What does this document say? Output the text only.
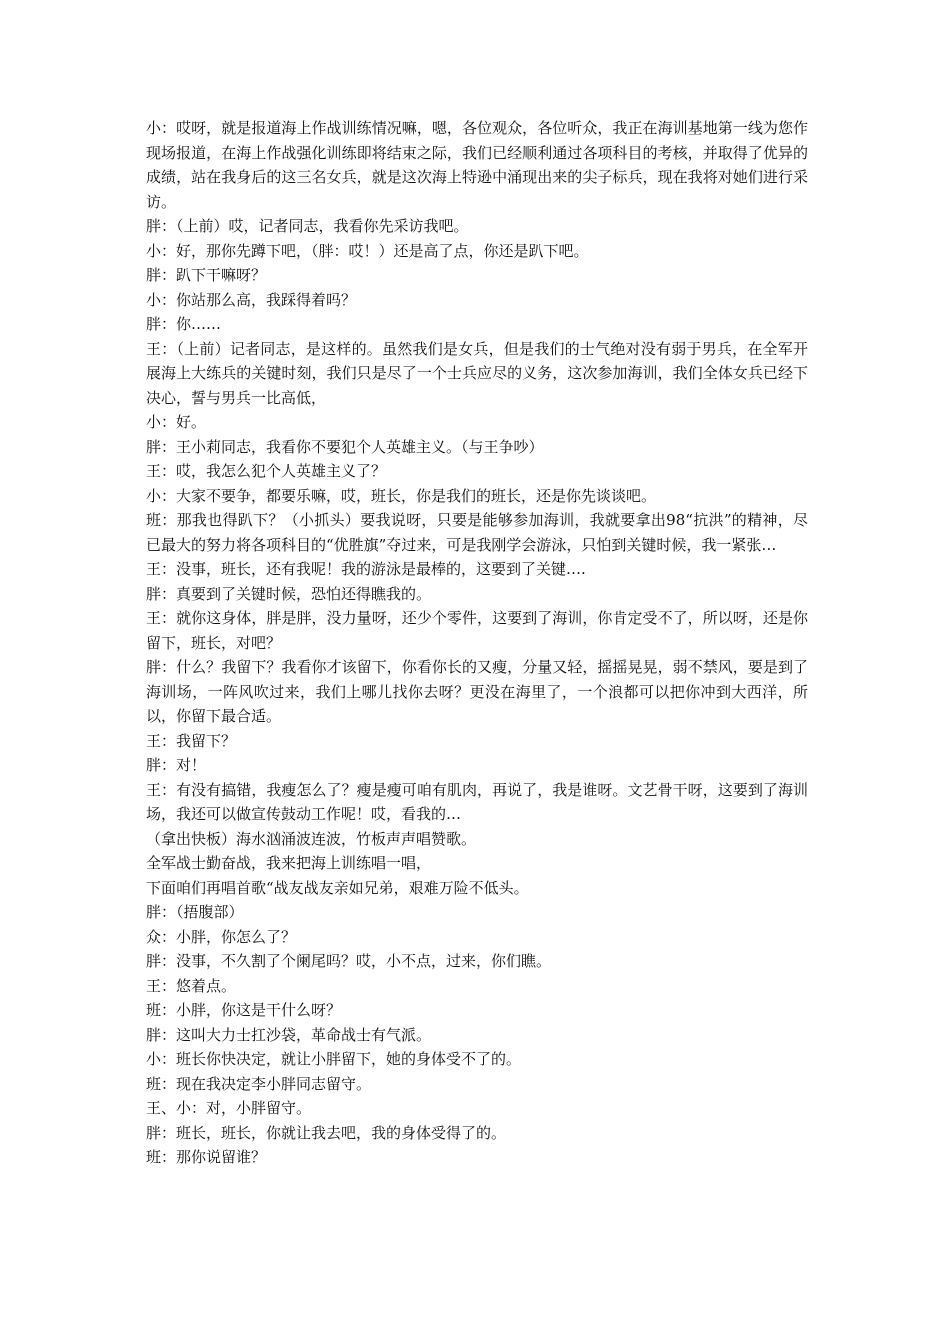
小：哎呀，就是报道海上作战训练情况嘛，嗯，各位观众，各位听众，我正在海训基地第一线为您作现场报道，在海上作战强化训练即将结束之际，我们已经顺利通过各项科目的考核，并取得了优异的成绩，站在我身后的这三名女兵，就是这次海上特逊中涌现出来的尖子标兵，现在我将对她们进行采访。

胖：（上前）哎，记者同志，我看你先采访我吧。

小：好，那你先蹲下吧，（胖：哎！）还是高了点，你还是趴下吧。

胖：趴下干嘛呀？

小：你站那么高，我踩得着吗？

胖：你……

王：（上前）记者同志，是这样的。虽然我们是女兵，但是我们的士气绝对没有弱于男兵，在全军开展海上大练兵的关键时刻，我们只是尽了一个士兵应尽的义务，这次参加海训，我们全体女兵已经下决心，誓与男兵一比高低，

小：好。

胖：王小莉同志，我看你不要犯个人英雄主义。（与王争吵）

王：哎，我怎么犯个人英雄主义了？

小：大家不要争，都要乐嘛，哎，班长，你是我们的班长，还是你先谈谈吧。

班：那我也得趴下？（小抓头）要我说呀，只要是能够参加海训，我就要拿出98“抗洪”的精神，尽已最大的努力将各项科目的“优胜旗”夺过来，可是我刚学会游泳，只怕到关键时候，我一紧张…

王：没事，班长，还有我呢！我的游泳是最棒的，这要到了关键….

胖：真要到了关键时候，恐怕还得瞧我的。

王：就你这身体，胖是胖，没力量呀，还少个零件，这要到了海训，你肯定受不了，所以呀，还是你留下，班长，对吧？

胖：什么？我留下？我看你才该留下，你看你长的又瘦，分量又轻，摇摇晃晃，弱不禁风，要是到了海训场，一阵风吹过来，我们上哪儿找你去呀？更没在海里了，一个浪都可以把你冲到大西洋，所以，你留下最合适。

王：我留下？

胖：对！

王：有没有搞错，我瘦怎么了？瘦是瘦可咱有肌肉，再说了，我是谁呀。文艺骨干呀，这要到了海训场，我还可以做宣传鼓动工作呢！哎，看我的…

（拿出快板）海水汹涌波连波，竹板声声唱赞歌。

全军战士勤奋战，我来把海上训练唱一唱，

下面咱们再唱首歌“战友战友亲如兄弟，艰难万险不低头。

胖：（捂腹部）

众：小胖，你怎么了？

胖：没事，不久割了个阑尾吗？哎，小不点，过来，你们瞧。

王：悠着点。

班：小胖，你这是干什么呀？

胖：这叫大力士扛沙袋，革命战士有气派。

小：班长你快决定，就让小胖留下，她的身体受不了的。

班：现在我决定李小胖同志留守。

王、小：对，小胖留守。

胖：班长，班长，你就让我去吧，我的身体受得了的。

班：那你说留谁？
